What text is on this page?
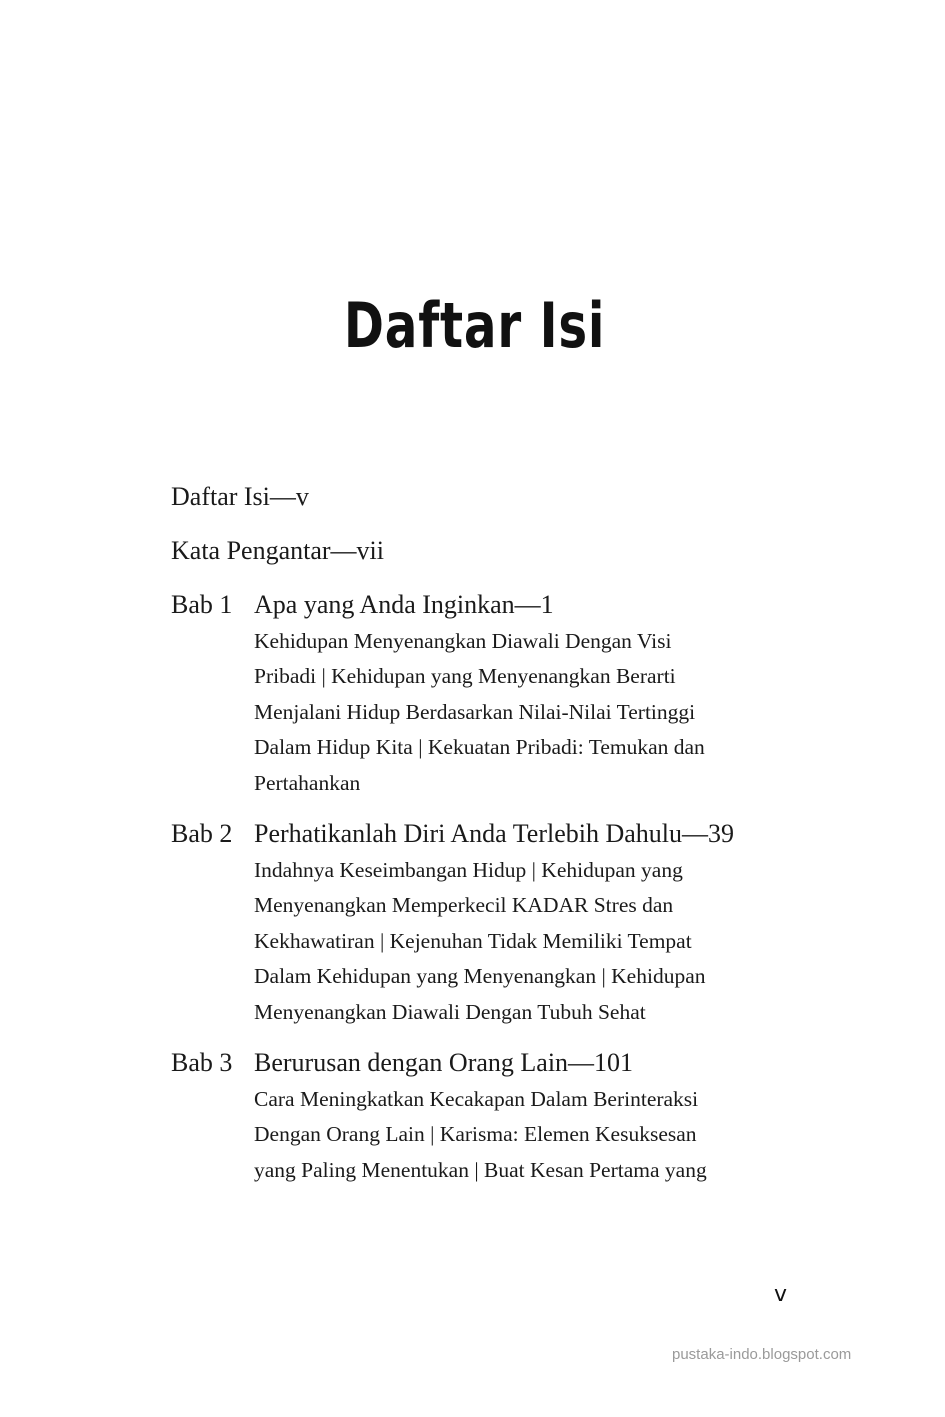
Daftar Isi
Daftar Isi—v
Kata Pengantar—vii
Bab 1 Apa yang Anda Inginkan—1
Kehidupan Menyenangkan Diawali Dengan Visi
Pribadi | Kehidupan yang Menyenangkan Berarti
Menjalani Hidup Berdasarkan Nilai-Nilai Tertinggi
Dalam Hidup Kita | Kekuatan Pribadi: Temukan dan
Pertahankan
Bab 2 Perhatikanlah Diri Anda Terlebih Dahulu—39
Indahnya Keseimbangan Hidup | Kehidupan yang
Menyenangkan Memperkecil KADAR Stres dan
Kekhawatiran | Kejenuhan Tidak Memiliki Tempat
Dalam Kehidupan yang Menyenangkan | Kehidupan
Menyenangkan Diawali Dengan Tubuh Sehat
Bab 3 Berurusan dengan Orang Lain—101
Cara Meningkatkan Kecakapan Dalam Berinteraksi
Dengan Orang Lain | Karisma: Elemen Kesuksesan
yang Paling Menentukan | Buat Kesan Pertama yang
v
pustaka-indo.blogspot.com
